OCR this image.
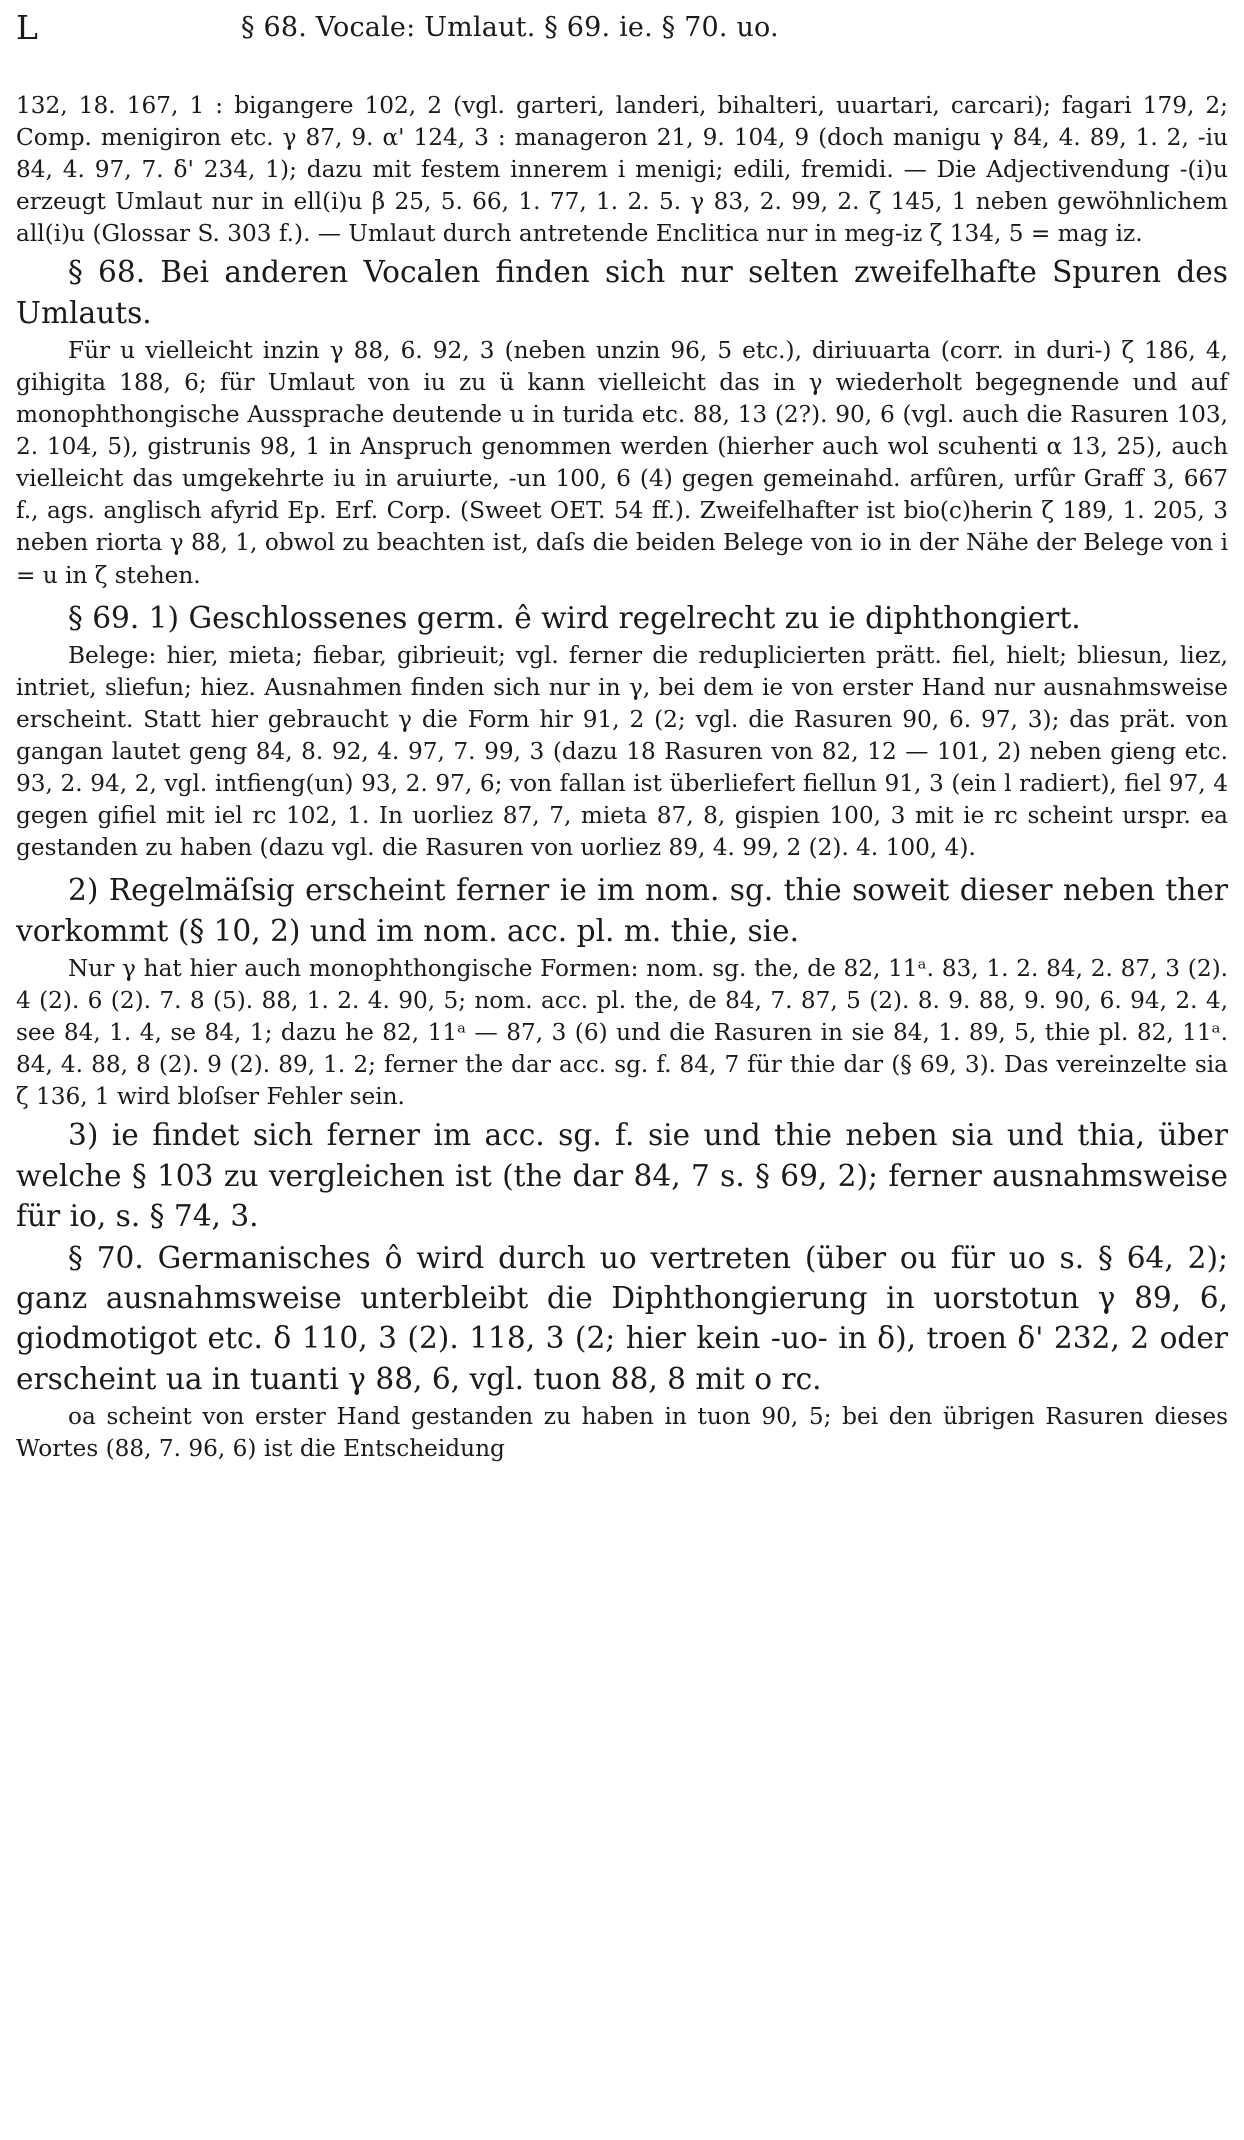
L	§ 68. Vocale: Umlaut. § 69. ie. § 70. uo.

132, 18. 167, 1 : bigangere 102, 2 (vgl. garteri, landeri, bihalteri, uuartari, carcari); fagari 179, 2; Comp. menigiron etc. γ 87, 9. α' 124, 3 : manageron 21, 9. 104, 9 (doch manigu γ 84, 4. 89, 1. 2, -iu 84, 4. 97, 7. δ' 234, 1); dazu mit festem innerem i menigi; edili, fremidi. — Die Adjectivendung -(i)u erzeugt Umlaut nur in ell(i)u β 25, 5. 66, 1. 77, 1. 2. 5. γ 83, 2. 99, 2. ζ 145, 1 neben gewöhnlichem all(i)u (Glossar S. 303 f.). — Umlaut durch antretende Enclitica nur in meg-iz ζ 134, 5 = mag iz.

§ 68. Bei anderen Vocalen finden sich nur selten zweifelhafte Spuren des Umlauts.

Für u vielleicht inzin γ 88, 6. 92, 3 (neben unzin 96, 5 etc.), diriuuarta (corr. in duri-) ζ 186, 4, gihigita 188, 6; für Umlaut von iu zu ü kann vielleicht das in γ wiederholt begegnende und auf monophthongische Aussprache deutende u in turida etc. 88, 13 (2?). 90, 6 (vgl. auch die Rasuren 103, 2. 104, 5), gistrunis 98, 1 in Anspruch genommen werden (hierher auch wol scuhenti α 13, 25), auch vielleicht das umgekehrte iu in aruiurte, -un 100, 6 (4) gegen gemeinahd. arfûren, urfûr Graff 3, 667 f., ags. anglisch afyrid Ep. Erf. Corp. (Sweet OET. 54 ff.). Zweifelhafter ist bio(c)herin ζ 189, 1. 205, 3 neben riorta γ 88, 1, obwol zu beachten ist, daſs die beiden Belege von io in der Nähe der Belege von i = u in ζ stehen.

§ 69. 1) Geschlossenes germ. ê wird regelrecht zu ie diphthongiert.

Belege: hier, mieta; fiebar, gibrieuit; vgl. ferner die reduplicierten prätt. fiel, hielt; bliesun, liez, intriet, sliefun; hiez. Ausnahmen finden sich nur in γ, bei dem ie von erster Hand nur ausnahmsweise erscheint. Statt hier gebraucht γ die Form hir 91, 2 (2; vgl. die Rasuren 90, 6. 97, 3); das prät. von gangan lautet geng 84, 8. 92, 4. 97, 7. 99, 3 (dazu 18 Rasuren von 82, 12 — 101, 2) neben gieng etc. 93, 2. 94, 2, vgl. intfieng(un) 93, 2. 97, 6; von fallan ist überliefert fiellun 91, 3 (ein l radiert), fiel 97, 4 gegen gifiel mit iel rc 102, 1. In uorliez 87, 7, mieta 87, 8, gispien 100, 3 mit ie rc scheint urspr. ea gestanden zu haben (dazu vgl. die Rasuren von uorliez 89, 4. 99, 2 (2). 4. 100, 4).

2) Regelmäſsig erscheint ferner ie im nom. sg. thie soweit dieser neben ther vorkommt (§ 10, 2) und im nom. acc. pl. m. thie, sie.

Nur γ hat hier auch monophthongische Formen: nom. sg. the, de 82, 11ᵃ. 83, 1. 2. 84, 2. 87, 3 (2). 4 (2). 6 (2). 7. 8 (5). 88, 1. 2. 4. 90, 5; nom. acc. pl. the, de 84, 7. 87, 5 (2). 8. 9. 88, 9. 90, 6. 94, 2. 4, see 84, 1. 4, se 84, 1; dazu he 82, 11ᵃ — 87, 3 (6) und die Rasuren in sie 84, 1. 89, 5, thie pl. 82, 11ᵃ. 84, 4. 88, 8 (2). 9 (2). 89, 1. 2; ferner the dar acc. sg. f. 84, 7 für thie dar (§ 69, 3). Das vereinzelte sia ζ 136, 1 wird bloſser Fehler sein.

3) ie findet sich ferner im acc. sg. f. sie und thie neben sia und thia, über welche § 103 zu vergleichen ist (the dar 84, 7 s. § 69, 2); ferner ausnahmsweise für io, s. § 74, 3.

§ 70. Germanisches ô wird durch uo vertreten (über ou für uo s. § 64, 2); ganz ausnahmsweise unterbleibt die Diphthongierung in uorstotun γ 89, 6, giodmotigot etc. δ 110, 3 (2). 118, 3 (2; hier kein -uo- in δ), troen δ' 232, 2 oder erscheint ua in tuanti γ 88, 6, vgl. tuon 88, 8 mit o rc.

oa scheint von erster Hand gestanden zu haben in tuon 90, 5; bei den übrigen Rasuren dieses Wortes (88, 7. 96, 6) ist die Entscheidung
